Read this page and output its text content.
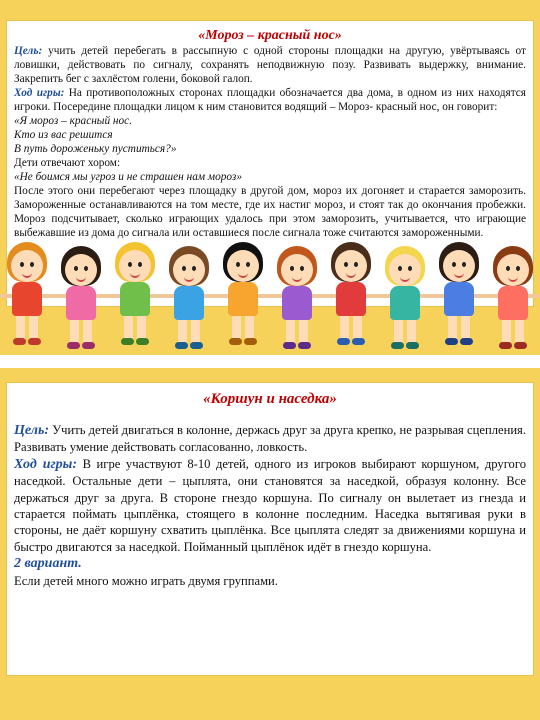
«Мороз – красный нос»

Цель: учить детей перебегать в рассыпную с одной стороны площадки на другую, увёртываясь от ловишки, действовать по сигналу, сохранять неподвижную позу. Развивать выдержку, внимание. Закрепить бег с захлёстом голени, боковой галоп.

Ход игры: На противоположных сторонах площадки обозначается два дома, в одном из них находятся игроки. Посередине площадки лицом к ним становится водящий – Мороз- красный нос, он говорит:

«Я мороз – красный нос.

Кто из вас решится

В путь дороженьку пуститься?»

Дети отвечают хором:

«Не боимся мы угроз и не страшен нам мороз»

После этого они перебегают через площадку в другой дом, мороз их догоняет и старается заморозить. Замороженные останавливаются на том месте, где их настиг мороз, и стоят так до окончания пробежки. Мороз подсчитывает, сколько играющих удалось при этом заморозить, учитывается, что играющие выбежавшие из дома до сигнала или оставшиеся после сигнала тоже считаются замороженными.

«Коршун и наседка»

Цель: Учить детей двигаться в колонне, держась друг за друга крепко, не разрывая сцепления. Развивать умение действовать согласованно, ловкость.

Ход игры: В игре участвуют 8-10 детей, одного из игроков выбирают коршуном, другого наседкой. Остальные дети – цыплята, они становятся за наседкой, образуя колонну. Все держаться друг за друга. В стороне гнездо коршуна. По сигналу он вылетает из гнезда и старается поймать цыплёнка, стоящего в колонне последним. Наседка вытягивая руки в стороны, не даёт коршуну схватить цыплёнка. Все цыплята следят за движениями коршуна и быстро двигаются за наседкой. Пойманный цыплёнок идёт в гнездо коршуна.

2 вариант.

Если детей много можно играть двумя группами.
